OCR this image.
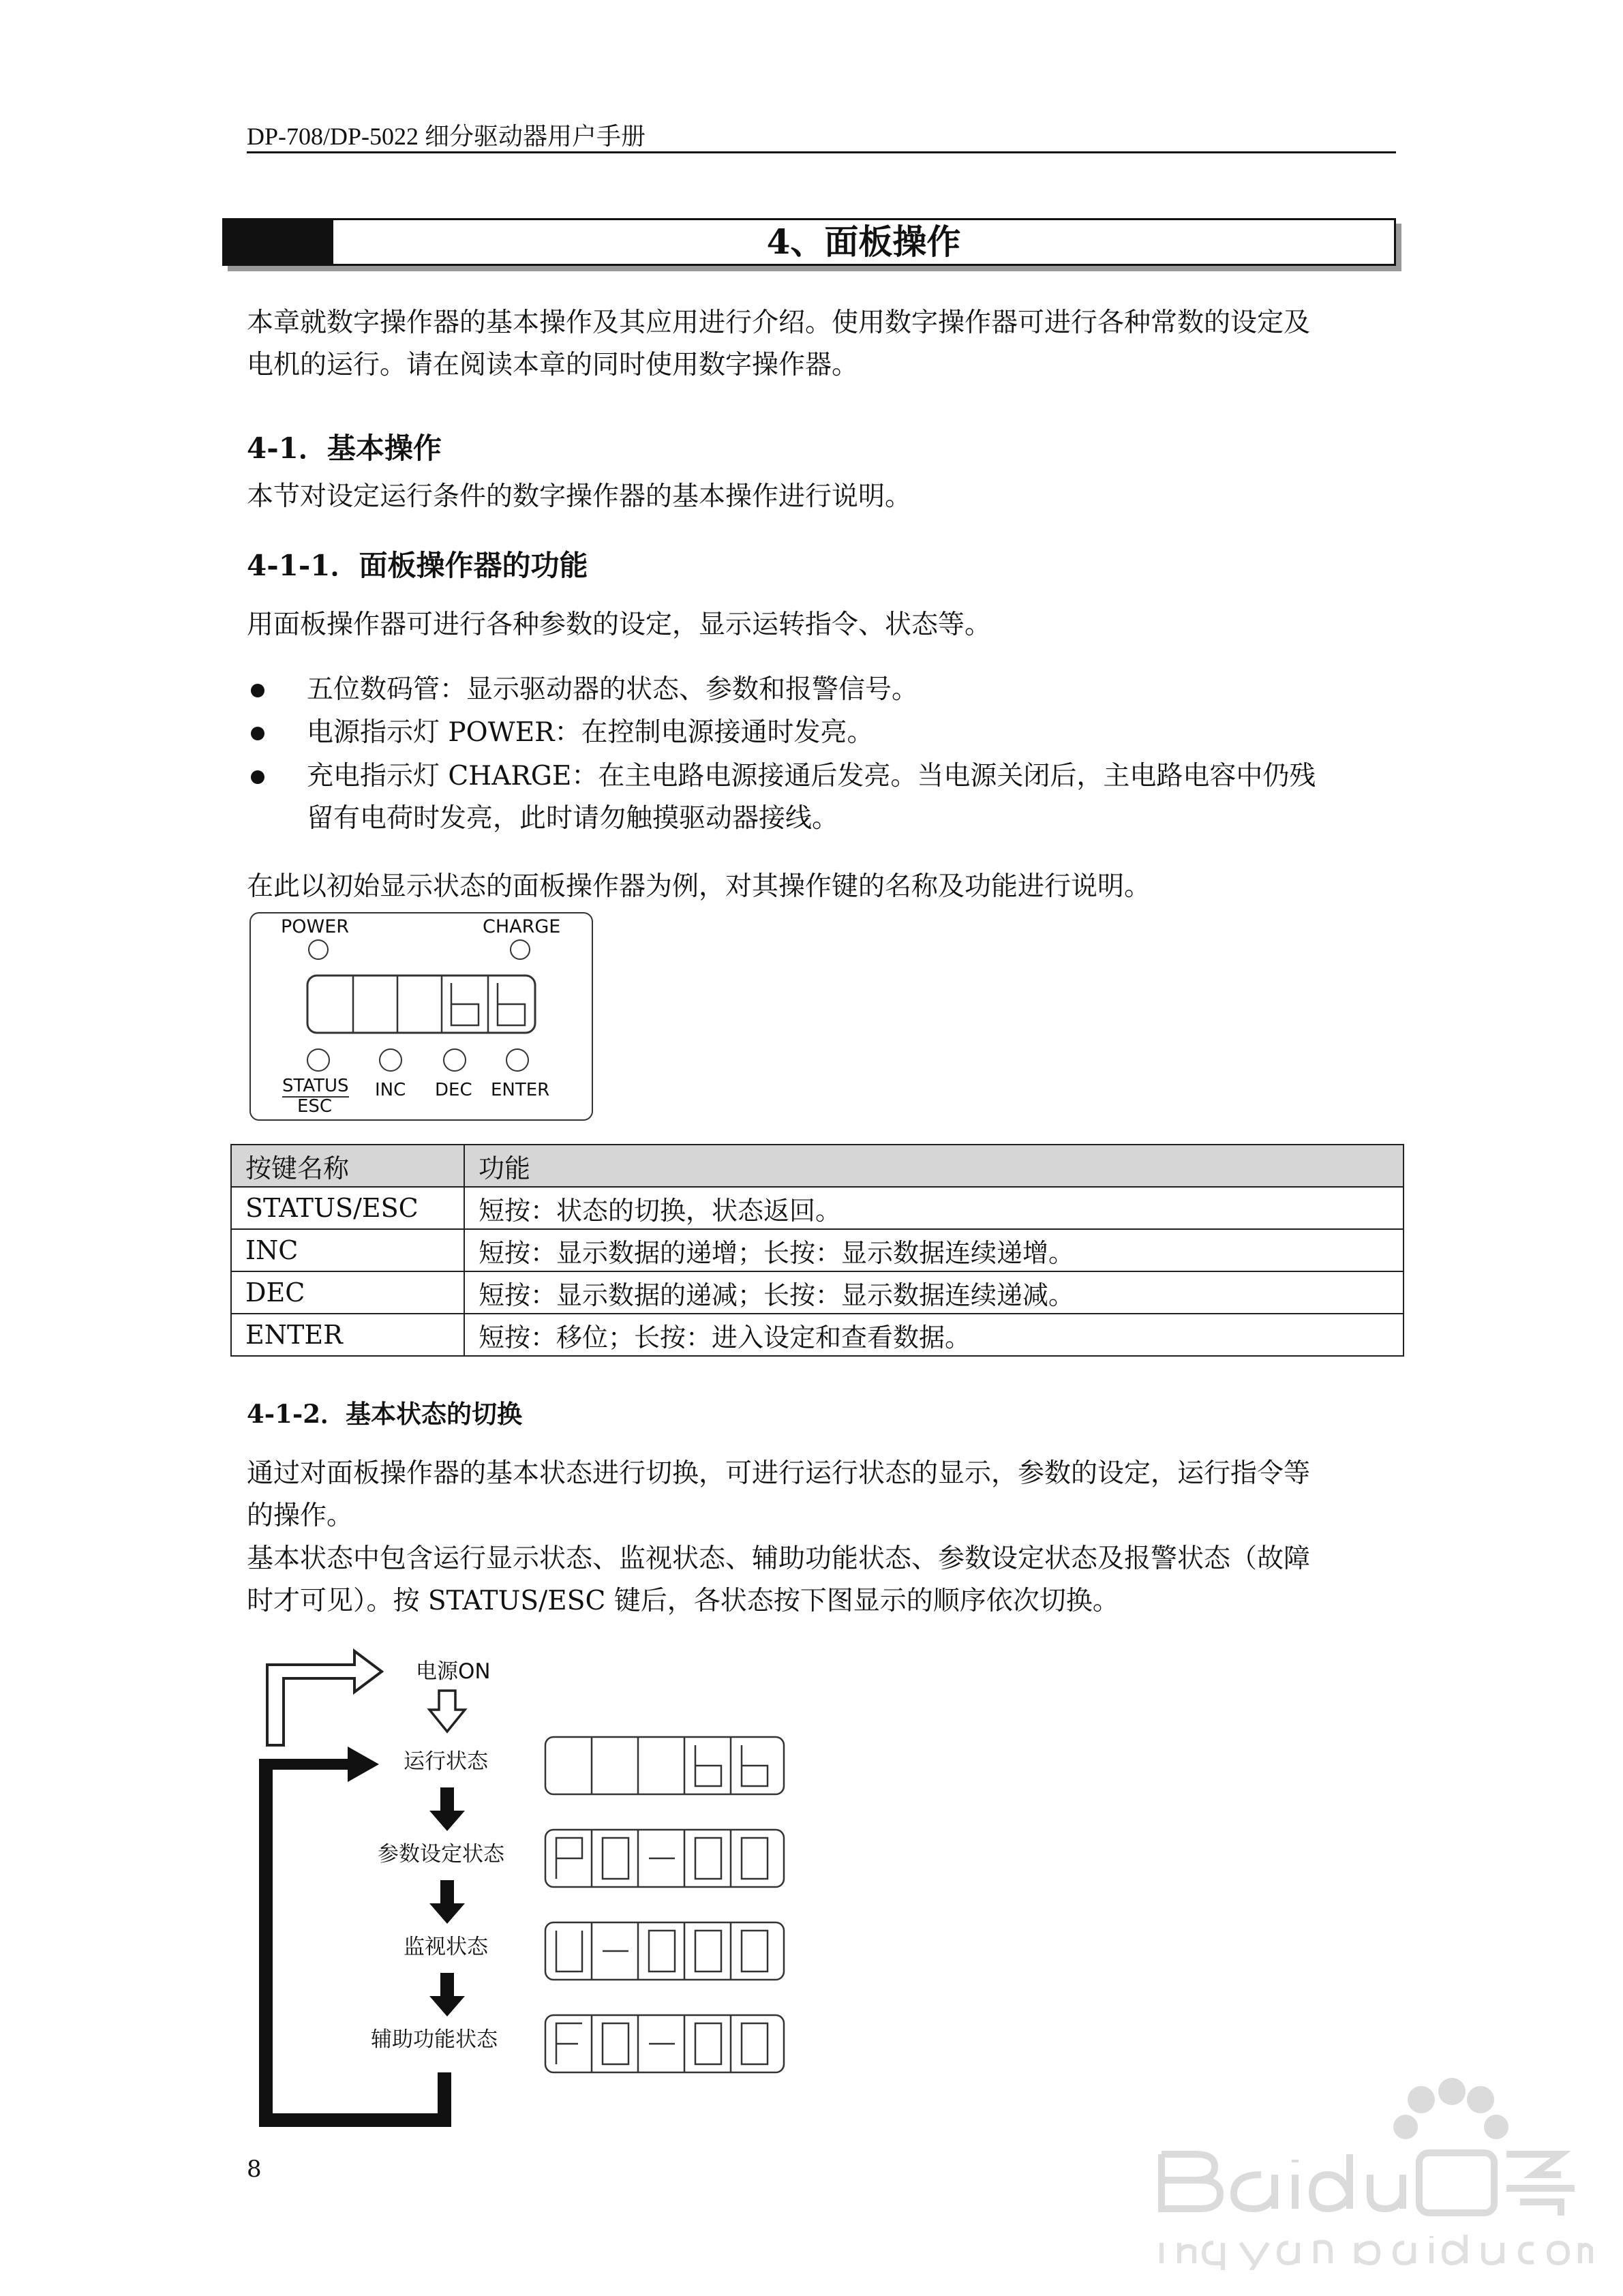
DP-708/DP-5022 细分驱动器用户手册
4、面板操作
本章就数字操作器的基本操作及其应用进行介绍。使用数字操作器可进行各种常数的设定及
电机的运行。请在阅读本章的同时使用数字操作器。
4-1．基本操作
本节对设定运行条件的数字操作器的基本操作进行说明。
4-1-1．面板操作器的功能
用面板操作器可进行各种参数的设定，显示运转指令、状态等。
五位数码管：显示驱动器的状态、参数和报警信号。
电源指示灯 POWER：在控制电源接通时发亮。
充电指示灯 CHARGE：在主电路电源接通后发亮。当电源关闭后，主电路电容中仍残
留有电荷时发亮，此时请勿触摸驱动器接线。
在此以初始显示状态的面板操作器为例，对其操作键的名称及功能进行说明。
POWER	CHARGE
STATUS
ESC
INC DEC ENTER
按键名称	功能
STATUS/ESC	短按：状态的切换，状态返回。
INC	短按：显示数据的递增；长按：显示数据连续递增。
DEC	短按：显示数据的递减；长按：显示数据连续递减。
ENTER	短按：移位；长按：进入设定和查看数据。
4-1-2．基本状态的切换
通过对面板操作器的基本状态进行切换，可进行运行状态的显示，参数的设定，运行指令等
的操作。
基本状态中包含运行显示状态、监视状态、辅助功能状态、参数设定状态及报警状态（故障
时才可见）。按 STATUS/ESC 键后，各状态按下图显示的顺序依次切换。
电源ON
运行状态
参数设定状态
监视状态
辅助功能状态
8
